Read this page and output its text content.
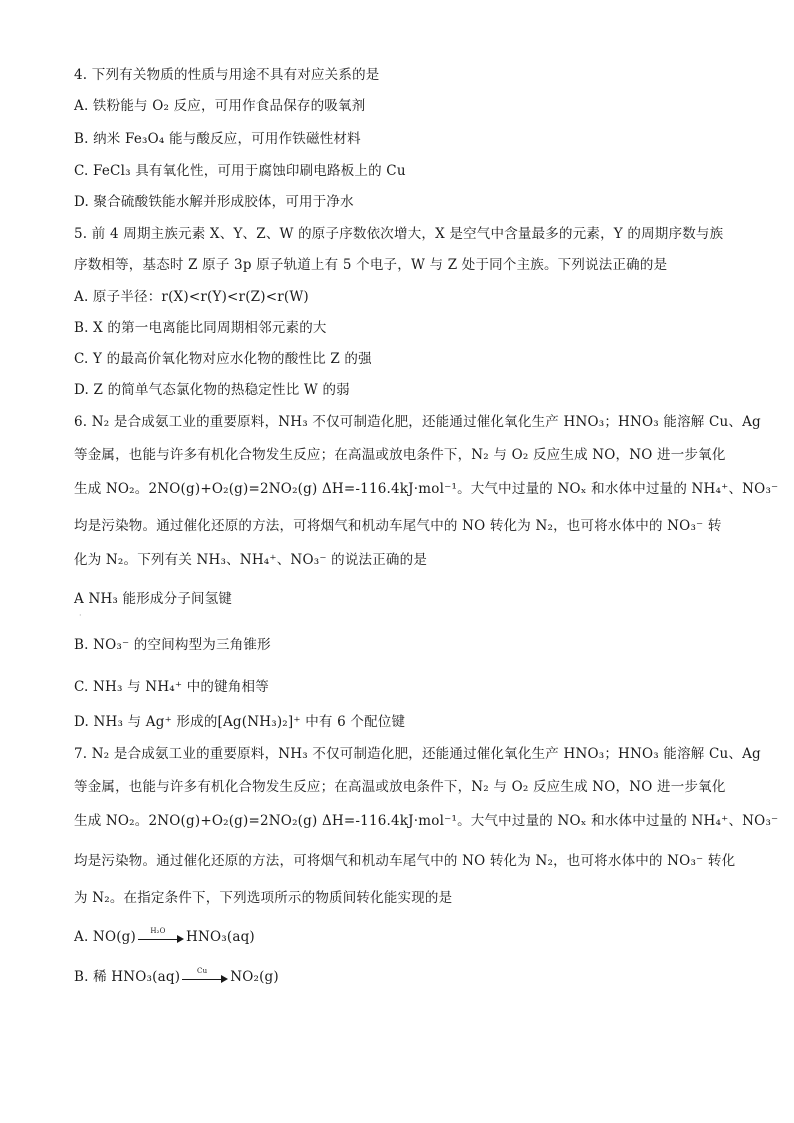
4. 下列有关物质的性质与用途不具有对应关系的是
A. 铁粉能与 O₂ 反应，可用作食品保存的吸氧剂
B. 纳米 Fe₃O₄ 能与酸反应，可用作铁磁性材料
C. FeCl₃ 具有氧化性，可用于腐蚀印刷电路板上的 Cu
D. 聚合硫酸铁能水解并形成胶体，可用于净水
5. 前 4 周期主族元素 X、Y、Z、W 的原子序数依次增大，X 是空气中含量最多的元素，Y 的周期序数与族
序数相等，基态时 Z 原子 3p 原子轨道上有 5 个电子，W 与 Z 处于同个主族。下列说法正确的是
A. 原子半径：r(X)<r(Y)<r(Z)<r(W)
B. X 的第一电离能比同周期相邻元素的大
C. Y 的最高价氧化物对应水化物的酸性比 Z 的强
D. Z 的简单气态氯化物的热稳定性比 W 的弱
6. N₂ 是合成氨工业的重要原料，NH₃ 不仅可制造化肥，还能通过催化氧化生产 HNO₃；HNO₃ 能溶解 Cu、Ag
等金属，也能与许多有机化合物发生反应；在高温或放电条件下，N₂ 与 O₂ 反应生成 NO，NO 进一步氧化
生成 NO₂。2NO(g)+O₂(g)=2NO₂(g) ΔH=-116.4kJ·mol⁻¹。大气中过量的 NOₓ 和水体中过量的 NH₄⁺、NO₃⁻
均是污染物。通过催化还原的方法，可将烟气和机动车尾气中的 NO 转化为 N₂，也可将水体中的 NO₃⁻ 转
化为 N₂。下列有关 NH₃、NH₄⁺、NO₃⁻ 的说法正确的是
A NH₃ 能形成分子间氢键
·
B. NO₃⁻ 的空间构型为三角锥形
C. NH₃ 与 NH₄⁺ 中的键角相等
D. NH₃ 与 Ag⁺ 形成的[Ag(NH₃)₂]⁺ 中有 6 个配位键
7. N₂ 是合成氨工业的重要原料，NH₃ 不仅可制造化肥，还能通过催化氧化生产 HNO₃；HNO₃ 能溶解 Cu、Ag
等金属，也能与许多有机化合物发生反应；在高温或放电条件下，N₂ 与 O₂ 反应生成 NO，NO 进一步氧化
生成 NO₂。2NO(g)+O₂(g)=2NO₂(g) ΔH=-116.4kJ·mol⁻¹。大气中过量的 NOₓ 和水体中过量的 NH₄⁺、NO₃⁻
均是污染物。通过催化还原的方法，可将烟气和机动车尾气中的 NO 转化为 N₂，也可将水体中的 NO₃⁻ 转化
为 N₂。在指定条件下，下列选项所示的物质间转化能实现的是
A. NO(g)	H₂O	HNO₃(aq)
B. 稀 HNO₃(aq)	Cu	NO₂(g)
